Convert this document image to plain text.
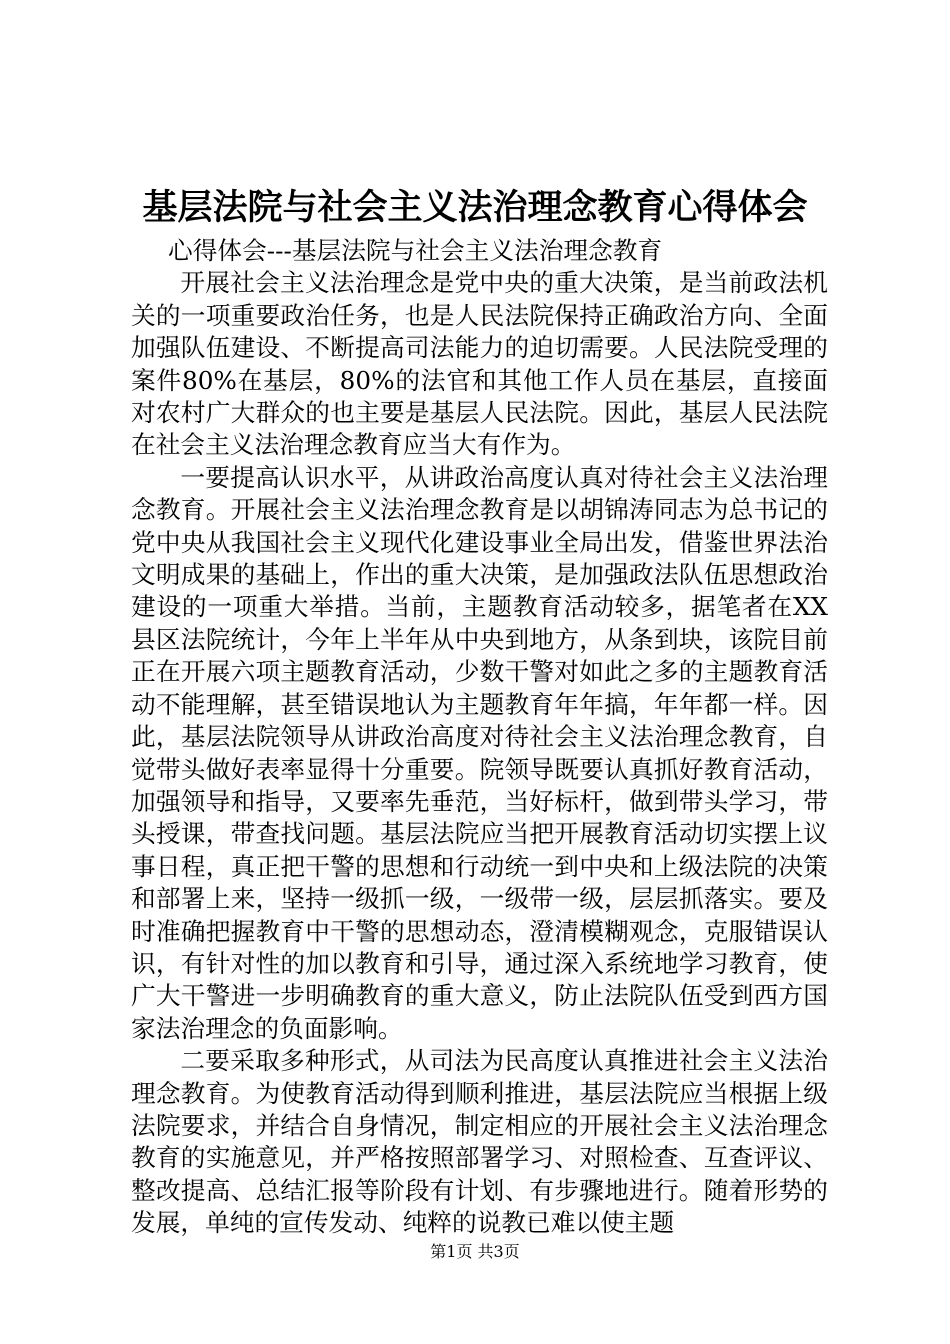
基层法院与社会主义法治理念教育心得体会

心得体会---基层法院与社会主义法治理念教育

开展社会主义法治理念是党中央的重大决策，是当前政法机关的一项重要政治任务，也是人民法院保持正确政治方向、全面加强队伍建设、不断提高司法能力的迫切需要。人民法院受理的案件80%在基层，80%的法官和其他工作人员在基层，直接面对农村广大群众的也主要是基层人民法院。因此，基层人民法院在社会主义法治理念教育应当大有作为。

一要提高认识水平，从讲政治高度认真对待社会主义法治理念教育。开展社会主义法治理念教育是以胡锦涛同志为总书记的党中央从我国社会主义现代化建设事业全局出发，借鉴世界法治文明成果的基础上，作出的重大决策，是加强政法队伍思想政治建设的一项重大举措。当前，主题教育活动较多，据笔者在XX县区法院统计，今年上半年从中央到地方，从条到块，该院目前正在开展六项主题教育活动，少数干警对如此之多的主题教育活动不能理解，甚至错误地认为主题教育年年搞，年年都一样。因此，基层法院领导从讲政治高度对待社会主义法治理念教育，自觉带头做好表率显得十分重要。院领导既要认真抓好教育活动，加强领导和指导，又要率先垂范，当好标杆，做到带头学习，带头授课，带查找问题。基层法院应当把开展教育活动切实摆上议事日程，真正把干警的思想和行动统一到中央和上级法院的决策和部署上来，坚持一级抓一级，一级带一级，层层抓落实。要及时准确把握教育中干警的思想动态，澄清模糊观念，克服错误认识，有针对性的加以教育和引导，通过深入系统地学习教育，使广大干警进一步明确教育的重大意义，防止法院队伍受到西方国家法治理念的负面影响。

二要采取多种形式，从司法为民高度认真推进社会主义法治理念教育。为使教育活动得到顺利推进，基层法院应当根据上级法院要求，并结合自身情况，制定相应的开展社会主义法治理念教育的实施意见，并严格按照部署学习、对照检查、互查评议、整改提高、总结汇报等阶段有计划、有步骤地进行。随着形势的发展，单纯的宣传发动、纯粹的说教已难以使主题

第1页 共3页
